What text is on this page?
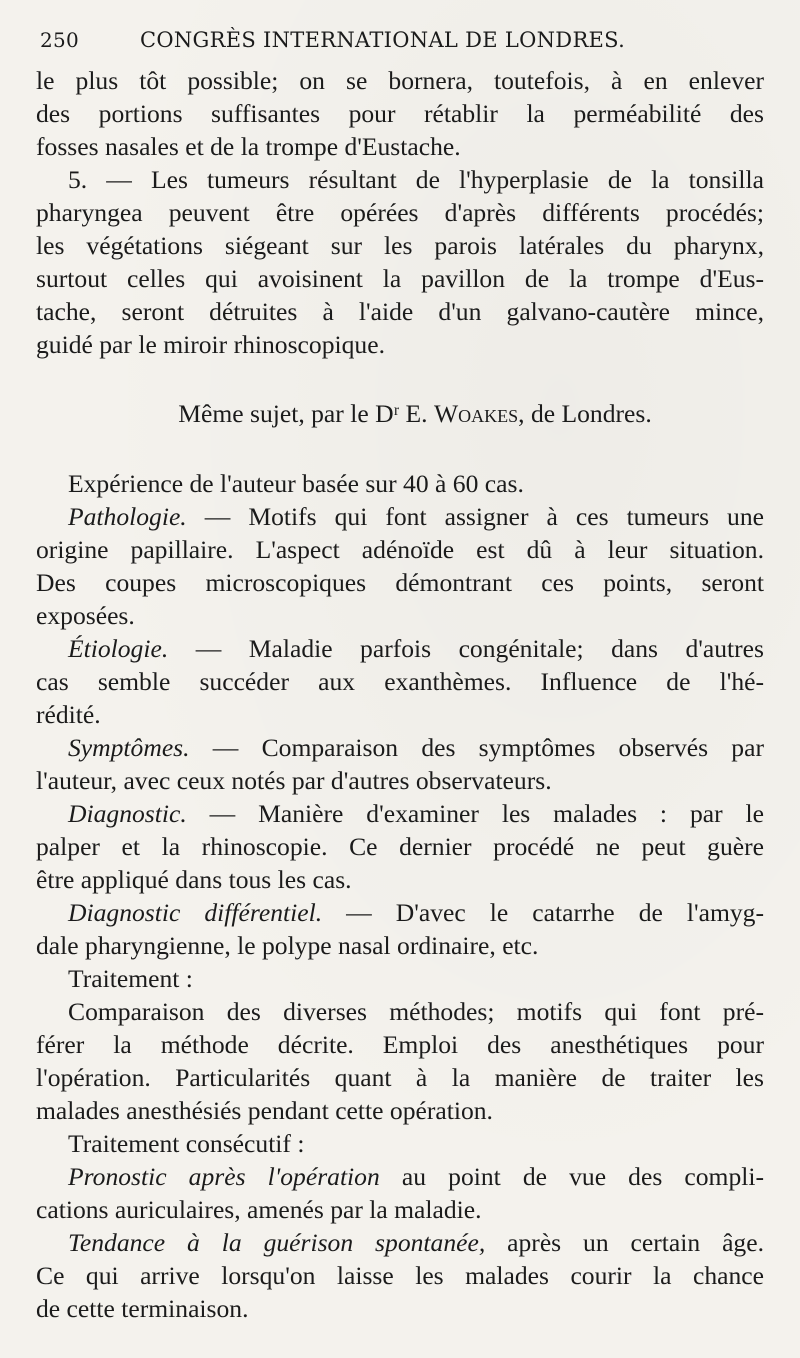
250	CONGRÈS INTERNATIONAL DE LONDRES.
le plus tôt possible; on se bornera, toutefois, à en enlever
des portions suffisantes pour rétablir la perméabilité des
fosses nasales et de la trompe d'Eustache.
5. — Les tumeurs résultant de l'hyperplasie de la tonsilla
pharyngea peuvent être opérées d'après différents procédés;
les végétations siégeant sur les parois latérales du pharynx,
surtout celles qui avoisinent la pavillon de la trompe d'Eus-
tache, seront détruites à l'aide d'un galvano-cautère mince,
guidé par le miroir rhinoscopique.
Même sujet, par le Dʳ E. Woakes, de Londres.
Expérience de l'auteur basée sur 40 à 60 cas.
Pathologie. — Motifs qui font assigner à ces tumeurs une
origine papillaire. L'aspect adénoïde est dû à leur situation.
Des coupes microscopiques démontrant ces points, seront
exposées.
Étiologie. — Maladie parfois congénitale; dans d'autres
cas semble succéder aux exanthèmes. Influence de l'hé-
rédité.
Symptômes. — Comparaison des symptômes observés par
l'auteur, avec ceux notés par d'autres observateurs.
Diagnostic. — Manière d'examiner les malades : par le
palper et la rhinoscopie. Ce dernier procédé ne peut guère
être appliqué dans tous les cas.
Diagnostic différentiel. — D'avec le catarrhe de l'amyg-
dale pharyngienne, le polype nasal ordinaire, etc.
Traitement :
Comparaison des diverses méthodes; motifs qui font pré-
férer la méthode décrite. Emploi des anesthétiques pour
l'opération. Particularités quant à la manière de traiter les
malades anesthésiés pendant cette opération.
Traitement consécutif :
Pronostic après l'opération au point de vue des compli-
cations auriculaires, amenés par la maladie.
Tendance à la guérison spontanée, après un certain âge.
Ce qui arrive lorsqu'on laisse les malades courir la chance
de cette terminaison.
